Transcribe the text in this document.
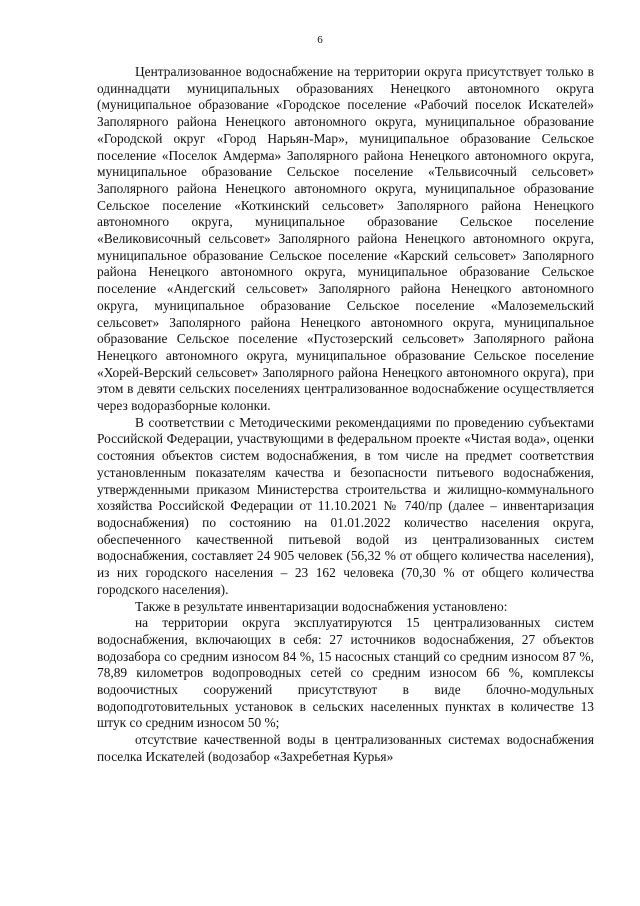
6

Централизованное водоснабжение на территории округа присутствует только в одиннадцати муниципальных образованиях Ненецкого автономного округа (муниципальное образование «Городское поселение «Рабочий поселок Искателей» Заполярного района Ненецкого автономного округа, муниципальное образование «Городской округ «Город Нарьян-Мар», муниципальное образование Сельское поселение «Поселок Амдерма» Заполярного района Ненецкого автономного округа, муниципальное образование Сельское поселение «Тельвисочный сельсовет» Заполярного района Ненецкого автономного округа, муниципальное образование Сельское поселение «Коткинский сельсовет» Заполярного района Ненецкого автономного округа, муниципальное образование Сельское поселение «Великовисочный сельсовет» Заполярного района Ненецкого автономного округа, муниципальное образование Сельское поселение «Карский сельсовет» Заполярного района Ненецкого автономного округа, муниципальное образование Сельское поселение «Андегский сельсовет» Заполярного района Ненецкого автономного округа, муниципальное образование Сельское поселение «Малоземельский сельсовет» Заполярного района Ненецкого автономного округа, муниципальное образование Сельское поселение «Пустозерский сельсовет» Заполярного района Ненецкого автономного округа, муниципальное образование Сельское поселение «Хорей-Верский сельсовет» Заполярного района Ненецкого автономного округа), при этом в девяти сельских поселениях централизованное водоснабжение осуществляется через водоразборные колонки.

В соответствии с Методическими рекомендациями по проведению субъектами Российской Федерации, участвующими в федеральном проекте «Чистая вода», оценки состояния объектов систем водоснабжения, в том числе на предмет соответствия установленным показателям качества и безопасности питьевого водоснабжения, утвержденными приказом Министерства строительства и жилищно-коммунального хозяйства Российской Федерации от 11.10.2021 № 740/пр (далее – инвентаризация водоснабжения) по состоянию на 01.01.2022 количество населения округа, обеспеченного качественной питьевой водой из централизованных систем водоснабжения, составляет 24 905 человек (56,32 % от общего количества населения), из них городского населения – 23 162 человека (70,30 % от общего количества городского населения).

Также в результате инвентаризации водоснабжения установлено:

на территории округа эксплуатируются 15 централизованных систем водоснабжения, включающих в себя: 27 источников водоснабжения, 27 объектов водозабора со средним износом 84 %, 15 насосных станций со средним износом 87 %, 78,89 километров водопроводных сетей со средним износом 66 %, комплексы водоочистных сооружений присутствуют в виде блочно-модульных водоподготовительных установок в сельских населенных пунктах в количестве 13 штук со средним износом 50 %;

отсутствие качественной воды в централизованных системах водоснабжения поселка Искателей (водозабор «Захребетная Курья»
